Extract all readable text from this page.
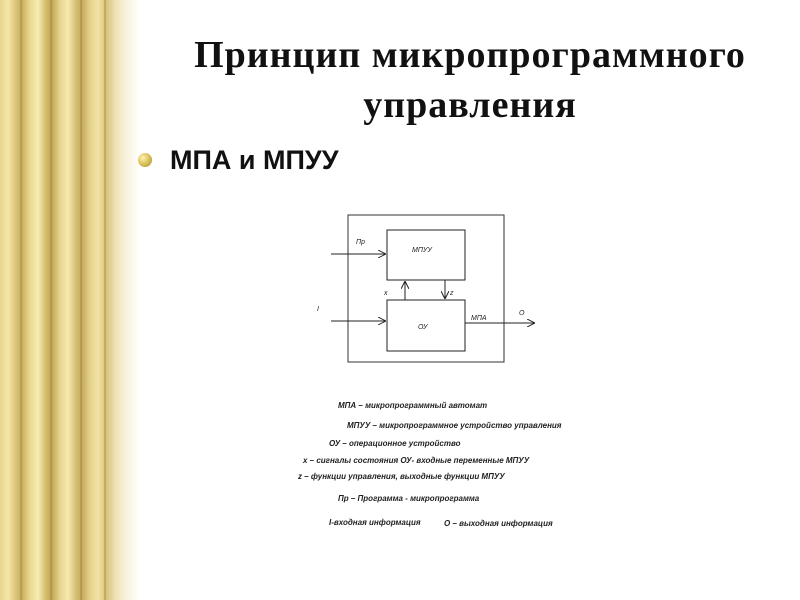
Принцип микропрограммного
управления
МПА и МПУУ
МПУУ
ОУ
Пр
I
x	z
МПА
O
МПА – микропрограммный автомат
МПУУ – микропрограммное устройство управления
ОУ – операционное устройство
x – сигналы состояния ОУ- входные переменные МПУУ
z – функции управления, выходные функции МПУУ
Пр – Программа - микропрограмма
I-входная информация	О – выходная информация
